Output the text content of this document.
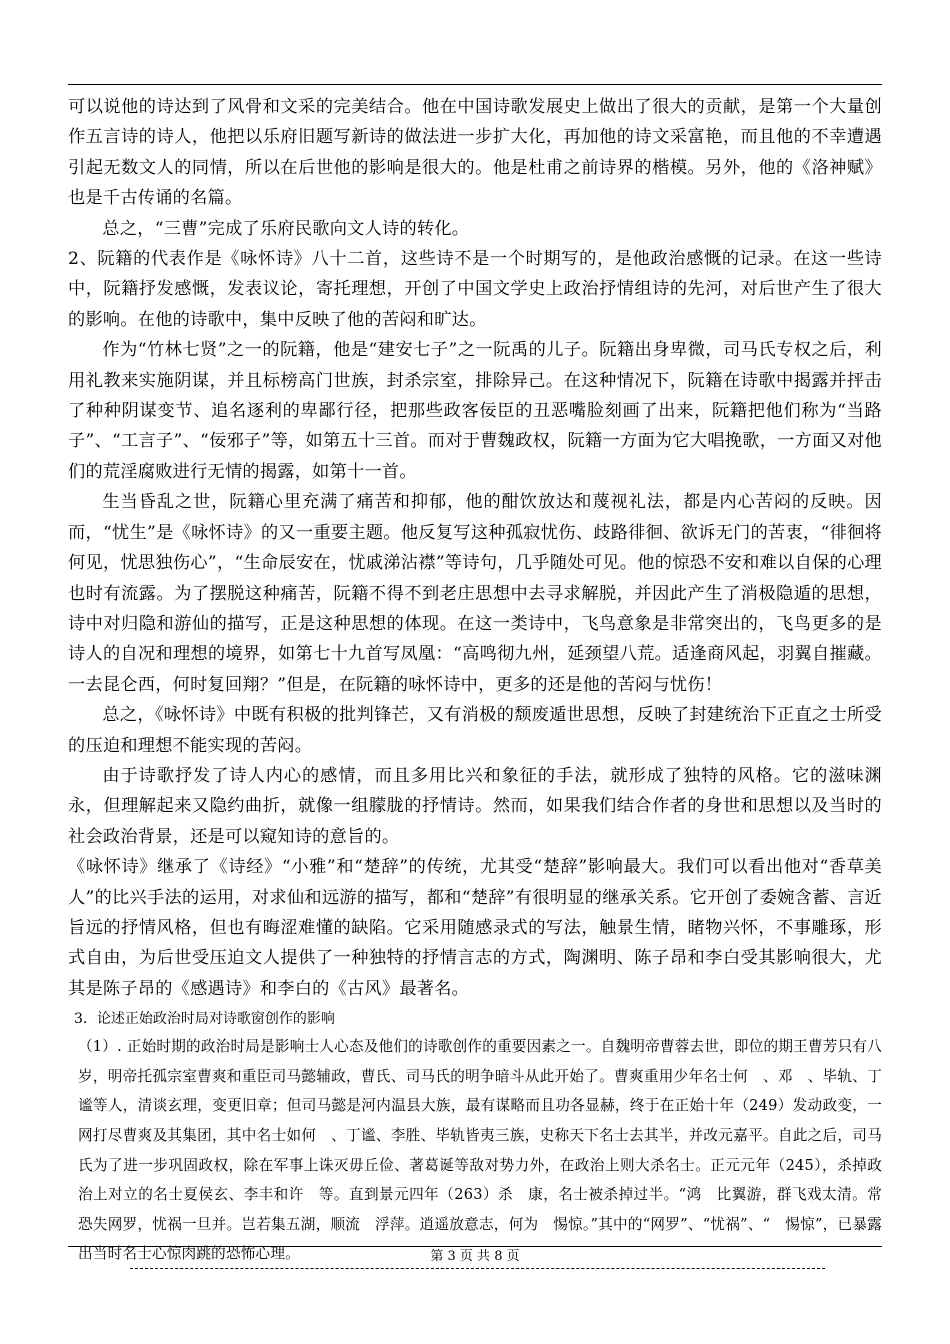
可以说他的诗达到了风骨和文采的完美结合。他在中国诗歌发展史上做出了很大的贡献，是第一个大量创作五言诗的诗人，他把以乐府旧题写新诗的做法进一步扩大化，再加他的诗文采富艳，而且他的不幸遭遇引起无数文人的同情，所以在后世他的影响是很大的。他是杜甫之前诗界的楷模。另外，他的《洛神赋》也是千古传诵的名篇。

总之，“三曹”完成了乐府民歌向文人诗的转化。

2、阮籍的代表作是《咏怀诗》八十二首，这些诗不是一个时期写的，是他政治感慨的记录。在这一些诗中，阮籍抒发感慨，发表议论，寄托理想，开创了中国文学史上政治抒情组诗的先河，对后世产生了很大的影响。在他的诗歌中，集中反映了他的苦闷和旷达。

作为“竹林七贤”之一的阮籍，他是“建安七子”之一阮禹的儿子。阮籍出身卑微，司马氏专权之后，利用礼教来实施阴谋，并且标榜高门世族，封杀宗室，排除异己。在这种情况下，阮籍在诗歌中揭露并抨击了种种阴谋变节、追名逐利的卑鄙行径，把那些政客佞臣的丑恶嘴脸刻画了出来，阮籍把他们称为“当路子”、“工言子”、“佞邪子”等，如第五十三首。而对于曹魏政权，阮籍一方面为它大唱挽歌，一方面又对他们的荒淫腐败进行无情的揭露，如第十一首。

生当昏乱之世，阮籍心里充满了痛苦和抑郁，他的酣饮放达和蔑视礼法，都是内心苦闷的反映。因而，“忧生”是《咏怀诗》的又一重要主题。他反复写这种孤寂忧伤、歧路徘徊、欲诉无门的苦衷，“徘徊将何见，忧思独伤心”，“生命辰安在，忧戚涕沾襟”等诗句，几乎随处可见。他的惊恐不安和难以自保的心理也时有流露。为了摆脱这种痛苦，阮籍不得不到老庄思想中去寻求解脱，并因此产生了消极隐遁的思想，诗中对归隐和游仙的描写，正是这种思想的体现。在这一类诗中，飞鸟意象是非常突出的，飞鸟更多的是诗人的自况和理想的境界，如第七十九首写凤凰：“高鸣彻九州，延颈望八荒。适逢商风起，羽翼自摧藏。一去昆仑西，何时复回翔？”但是，在阮籍的咏怀诗中，更多的还是他的苦闷与忧伤！

总之，《咏怀诗》中既有积极的批判锋芒，又有消极的颓废遁世思想，反映了封建统治下正直之士所受的压迫和理想不能实现的苦闷。

由于诗歌抒发了诗人内心的感情，而且多用比兴和象征的手法，就形成了独特的风格。它的滋味渊永，但理解起来又隐约曲折，就像一组朦胧的抒情诗。然而，如果我们结合作者的身世和思想以及当时的社会政治背景，还是可以窥知诗的意旨的。

《咏怀诗》继承了《诗经》“小雅”和“楚辞”的传统，尤其受“楚辞”影响最大。我们可以看出他对“香草美人”的比兴手法的运用，对求仙和远游的描写，都和“楚辞”有很明显的继承关系。它开创了委婉含蓄、言近旨远的抒情风格，但也有晦涩难懂的缺陷。它采用随感录式的写法，触景生情，睹物兴怀，不事雕琢，形式自由，为后世受压迫文人提供了一种独特的抒情言志的方式，陶渊明、陈子昂和李白受其影响很大，尤其是陈子昂的《感遇诗》和李白的《古风》最著名。

3．论述正始政治时局对诗歌窗创作的影响

（1）. 正始时期的政治时局是影响士人心态及他们的诗歌创作的重要因素之一。自魏明帝曹蓉去世，即位的期王曹芳只有八岁，明帝托孤宗室曹爽和重臣司马懿辅政，曹氏、司马氏的明争暗斗从此开始了。曹爽重用少年名士何　、邓　、毕轨、丁谧等人，清谈玄理，变更旧章；但司马懿是河内温县大族，最有谋略而且功各显赫，终于在正始十年（249）发动政变，一网打尽曹爽及其集团，其中名士如何　、丁谧、李胜、毕轨皆夷三族，史称天下名士去其半，并改元嘉平。自此之后，司马氏为了进一步巩固政权，除在军事上诛灭毋丘俭、著葛诞等敌对势力外，在政治上则大杀名士。正元元年（245），杀掉政治上对立的名士夏侯玄、李丰和许　等。直到景元四年（263）杀　康，名士被杀掉过半。“鸿　比翼游，群飞戏太清。常恐失网罗，忧祸一旦并。岂若集五湖，顺流　浮萍。逍遥放意志，何为　惕惊。”其中的“网罗”、“忧祸”、“　惕惊”，已暴露出当时名士心惊肉跳的恐怖心理。	第 3 页 共 8 页
